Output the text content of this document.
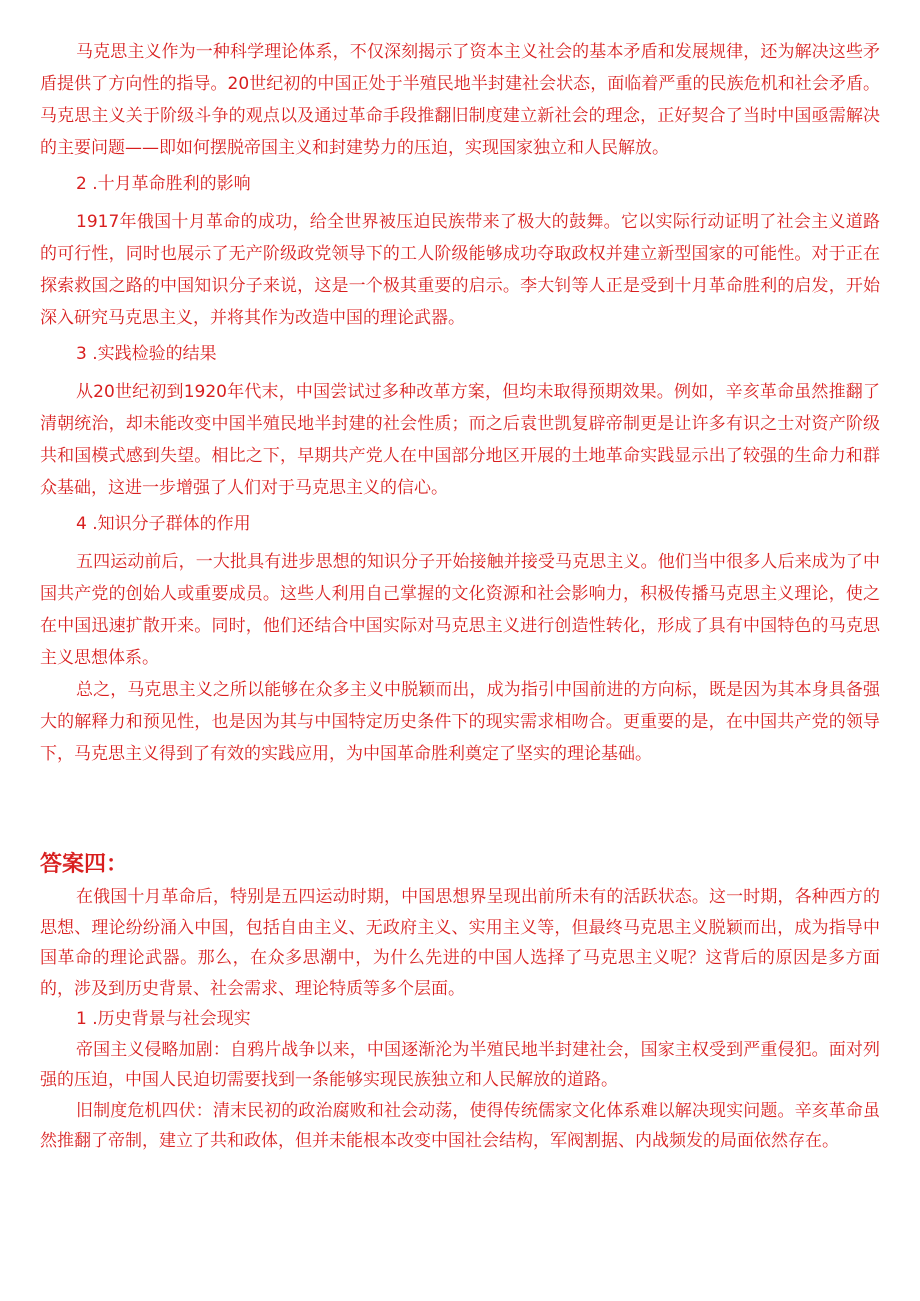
马克思主义作为一种科学理论体系，不仅深刻揭示了资本主义社会的基本矛盾和发展规律，还为解决这些矛盾提供了方向性的指导。20世纪初的中国正处于半殖民地半封建社会状态，面临着严重的民族危机和社会矛盾。马克思主义关于阶级斗争的观点以及通过革命手段推翻旧制度建立新社会的理念，正好契合了当时中国亟需解决的主要问题——即如何摆脱帝国主义和封建势力的压迫，实现国家独立和人民解放。

2 .十月革命胜利的影响

1917年俄国十月革命的成功，给全世界被压迫民族带来了极大的鼓舞。它以实际行动证明了社会主义道路的可行性，同时也展示了无产阶级政党领导下的工人阶级能够成功夺取政权并建立新型国家的可能性。对于正在探索救国之路的中国知识分子来说，这是一个极其重要的启示。李大钊等人正是受到十月革命胜利的启发，开始深入研究马克思主义，并将其作为改造中国的理论武器。

3 .实践检验的结果

从20世纪初到1920年代末，中国尝试过多种改革方案，但均未取得预期效果。例如，辛亥革命虽然推翻了清朝统治，却未能改变中国半殖民地半封建的社会性质；而之后袁世凯复辟帝制更是让许多有识之士对资产阶级共和国模式感到失望。相比之下，早期共产党人在中国部分地区开展的土地革命实践显示出了较强的生命力和群众基础，这进一步增强了人们对于马克思主义的信心。

4 .知识分子群体的作用

五四运动前后，一大批具有进步思想的知识分子开始接触并接受马克思主义。他们当中很多人后来成为了中国共产党的创始人或重要成员。这些人利用自己掌握的文化资源和社会影响力，积极传播马克思主义理论，使之在中国迅速扩散开来。同时，他们还结合中国实际对马克思主义进行创造性转化，形成了具有中国特色的马克思主义思想体系。

总之，马克思主义之所以能够在众多主义中脱颖而出，成为指引中国前进的方向标，既是因为其本身具备强大的解释力和预见性，也是因为其与中国特定历史条件下的现实需求相吻合。更重要的是，在中国共产党的领导下，马克思主义得到了有效的实践应用，为中国革命胜利奠定了坚实的理论基础。

答案四：

在俄国十月革命后，特别是五四运动时期，中国思想界呈现出前所未有的活跃状态。这一时期，各种西方的思想、理论纷纷涌入中国，包括自由主义、无政府主义、实用主义等，但最终马克思主义脱颖而出，成为指导中国革命的理论武器。那么，在众多思潮中，为什么先进的中国人选择了马克思主义呢？这背后的原因是多方面的，涉及到历史背景、社会需求、理论特质等多个层面。

1 .历史背景与社会现实

帝国主义侵略加剧：自鸦片战争以来，中国逐渐沦为半殖民地半封建社会，国家主权受到严重侵犯。面对列强的压迫，中国人民迫切需要找到一条能够实现民族独立和人民解放的道路。

旧制度危机四伏：清末民初的政治腐败和社会动荡，使得传统儒家文化体系难以解决现实问题。辛亥革命虽然推翻了帝制，建立了共和政体，但并未能根本改变中国社会结构，军阀割据、内战频发的局面依然存在。
